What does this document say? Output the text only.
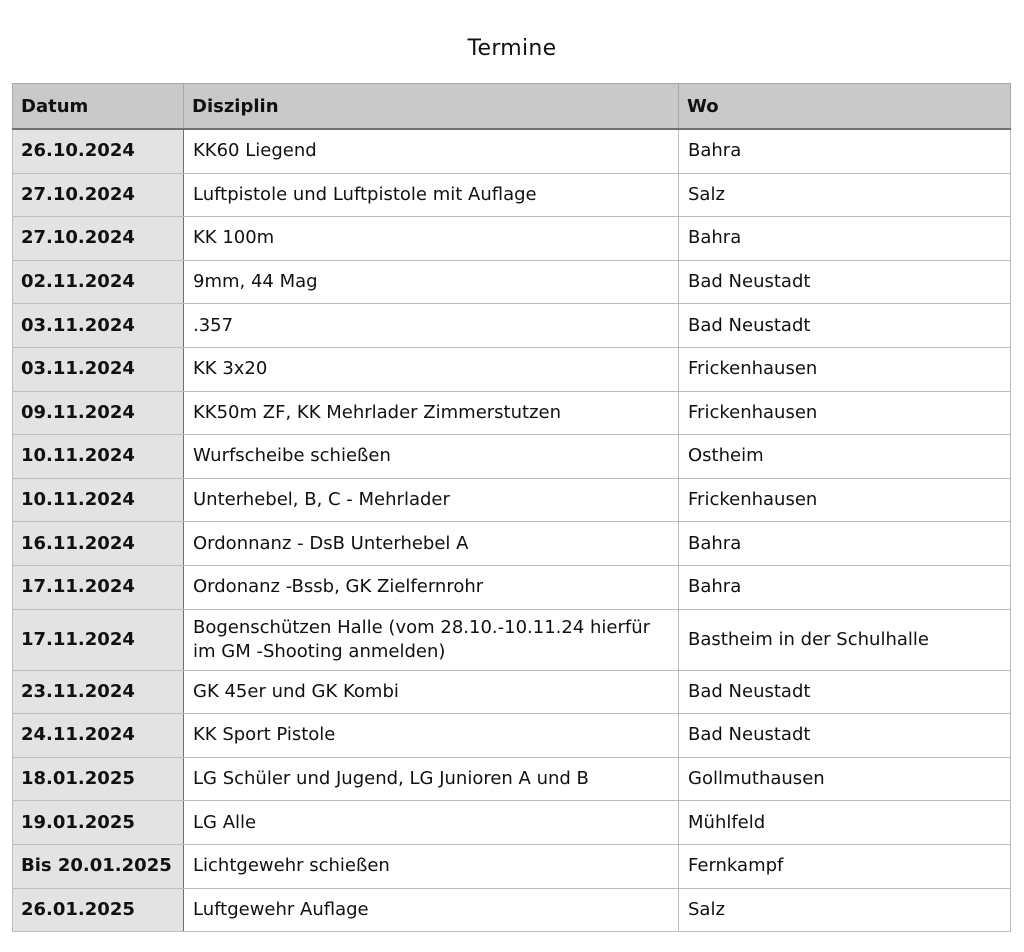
Termine
Datum	Disziplin	Wo
26.10.2024	KK60 Liegend	Bahra
27.10.2024	Luftpistole und Luftpistole mit Auflage	Salz
27.10.2024	KK 100m	Bahra
02.11.2024	9mm, 44 Mag	Bad Neustadt
03.11.2024	.357	Bad Neustadt
03.11.2024	KK 3x20	Frickenhausen
09.11.2024	KK50m ZF, KK Mehrlader Zimmerstutzen	Frickenhausen
10.11.2024	Wurfscheibe schießen	Ostheim
10.11.2024	Unterhebel, B, C - Mehrlader	Frickenhausen
16.11.2024	Ordonnanz - DsB Unterhebel A	Bahra
17.11.2024	Ordonanz -Bssb, GK Zielfernrohr	Bahra
17.11.2024	Bogenschützen Halle (vom 28.10.-10.11.24 hierfür im GM -Shooting anmelden)	Bastheim in der Schulhalle
23.11.2024	GK 45er und GK Kombi	Bad Neustadt
24.11.2024	KK Sport Pistole	Bad Neustadt
18.01.2025	LG Schüler und Jugend, LG Junioren A und B	Gollmuthausen
19.01.2025	LG Alle	Mühlfeld
Bis 20.01.2025	Lichtgewehr schießen	Fernkampf
26.01.2025	Luftgewehr Auflage	Salz
